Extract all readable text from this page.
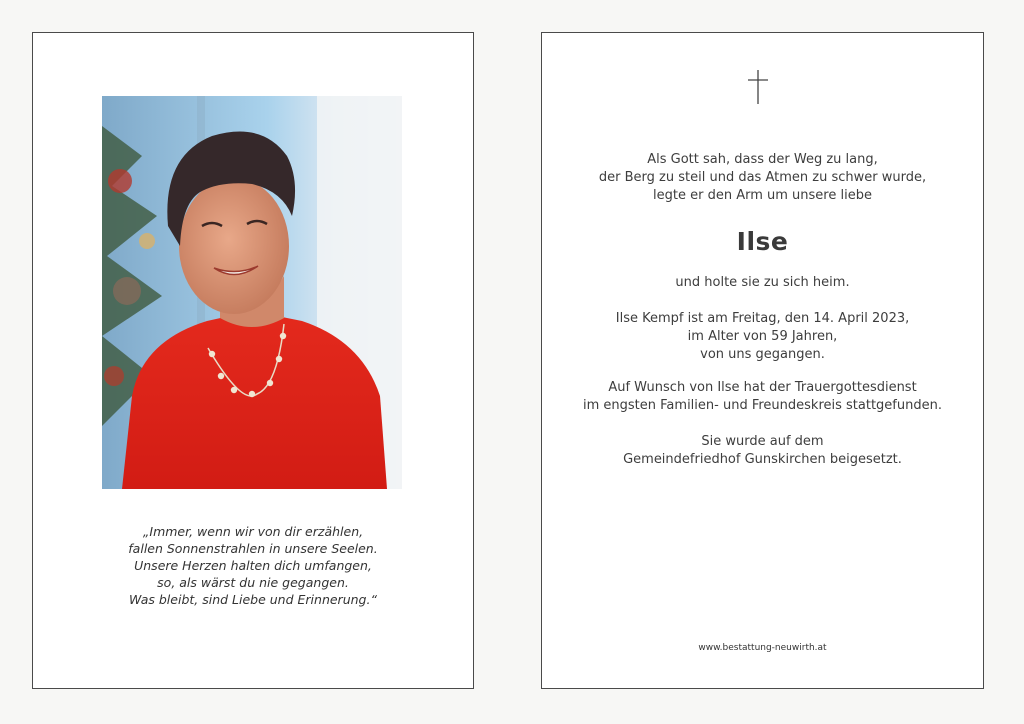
„Immer, wenn wir von dir erzählen,
fallen Sonnenstrahlen in unsere Seelen.
Unsere Herzen halten dich umfangen,
so, als wärst du nie gegangen.
Was bleibt, sind Liebe und Erinnerung.“
Als Gott sah, dass der Weg zu lang,
der Berg zu steil und das Atmen zu schwer wurde,
legte er den Arm um unsere liebe
Ilse
und holte sie zu sich heim.
Ilse Kempf ist am Freitag, den 14. April 2023,
im Alter von 59 Jahren,
von uns gegangen.
Auf Wunsch von Ilse hat der Trauergottesdienst
im engsten Familien- und Freundeskreis stattgefunden.
Sie wurde auf dem
Gemeindefriedhof Gunskirchen beigesetzt.
www.bestattung-neuwirth.at
